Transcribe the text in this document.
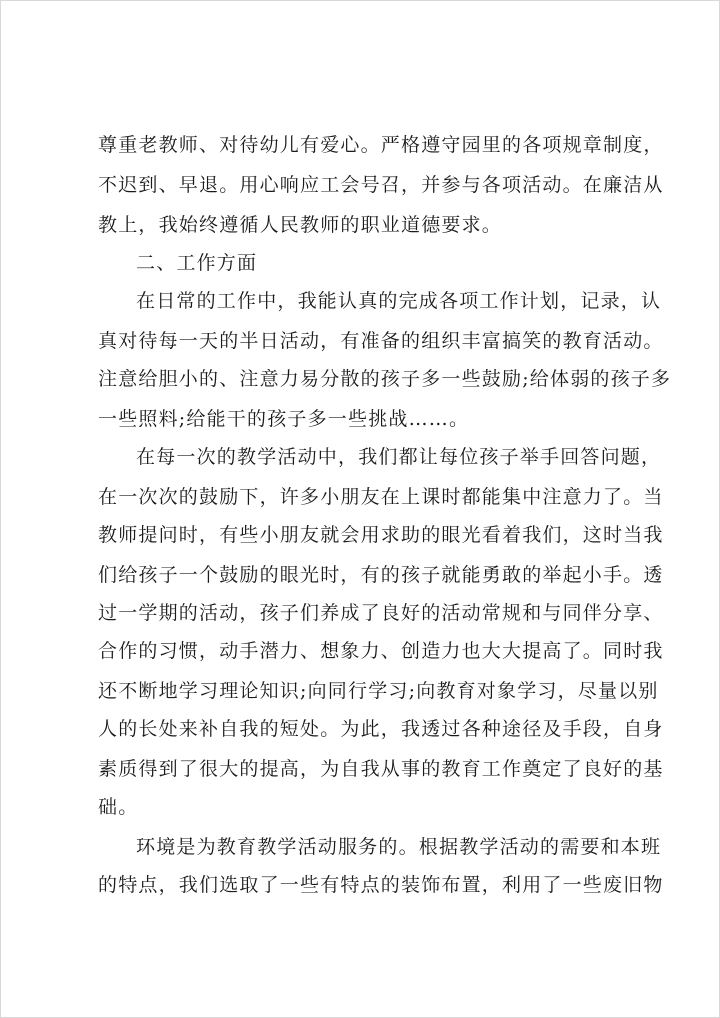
尊重老教师、对待幼儿有爱心。严格遵守园里的各项规章制度，
不迟到、早退。用心响应工会号召，并参与各项活动。在廉洁从
教上，我始终遵循人民教师的职业道德要求。
二、工作方面
在日常的工作中，我能认真的完成各项工作计划，记录，认
真对待每一天的半日活动，有准备的组织丰富搞笑的教育活动。
注意给胆小的、注意力易分散的孩子多一些鼓励;给体弱的孩子多
一些照料;给能干的孩子多一些挑战……。
在每一次的教学活动中，我们都让每位孩子举手回答问题，
在一次次的鼓励下，许多小朋友在上课时都能集中注意力了。当
教师提问时，有些小朋友就会用求助的眼光看着我们，这时当我
们给孩子一个鼓励的眼光时，有的孩子就能勇敢的举起小手。透
过一学期的活动，孩子们养成了良好的活动常规和与同伴分享、
合作的习惯，动手潜力、想象力、创造力也大大提高了。同时我
还不断地学习理论知识;向同行学习;向教育对象学习，尽量以别
人的长处来补自我的短处。为此，我透过各种途径及手段，自身
素质得到了很大的提高，为自我从事的教育工作奠定了良好的基
础。
环境是为教育教学活动服务的。根据教学活动的需要和本班
的特点，我们选取了一些有特点的装饰布置，利用了一些废旧物
